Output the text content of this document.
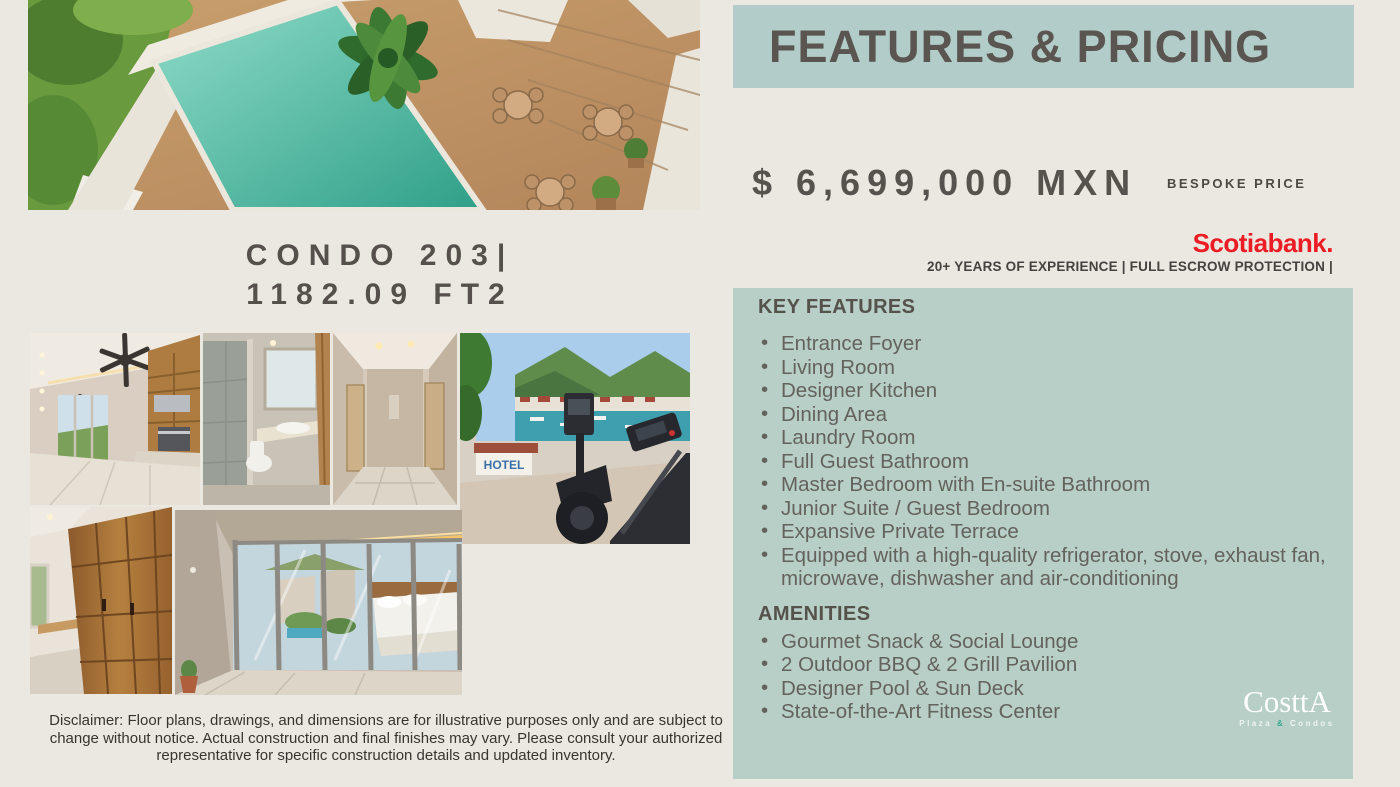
CONDO 203|
1182.09 FT2
HOTEL
Disclaimer: Floor plans, drawings, and dimensions are for illustrative purposes only and are subject to change without notice. Actual construction and final finishes may vary. Please consult your authorized representative for specific construction details and updated inventory.
FEATURES & PRICING
$ 6,699,000 MXN BESPOKE PRICE
Scotiabank.
20+ YEARS OF EXPERIENCE | FULL ESCROW PROTECTION |
KEY FEATURES
• Entrance Foyer
• Living Room
• Designer Kitchen
• Dining Area
• Laundry Room
• Full Guest Bathroom
• Master Bedroom with En-suite Bathroom
• Junior Suite / Guest Bedroom
• Expansive Private Terrace
• Equipped with a high-quality refrigerator, stove, exhaust fan, microwave, dishwasher and air-conditioning
AMENITIES
• Gourmet Snack & Social Lounge
• 2 Outdoor BBQ & 2 Grill Pavilion
• Designer Pool & Sun Deck
• State-of-the-Art Fitness Center	CosttA
Plaza & Condos
